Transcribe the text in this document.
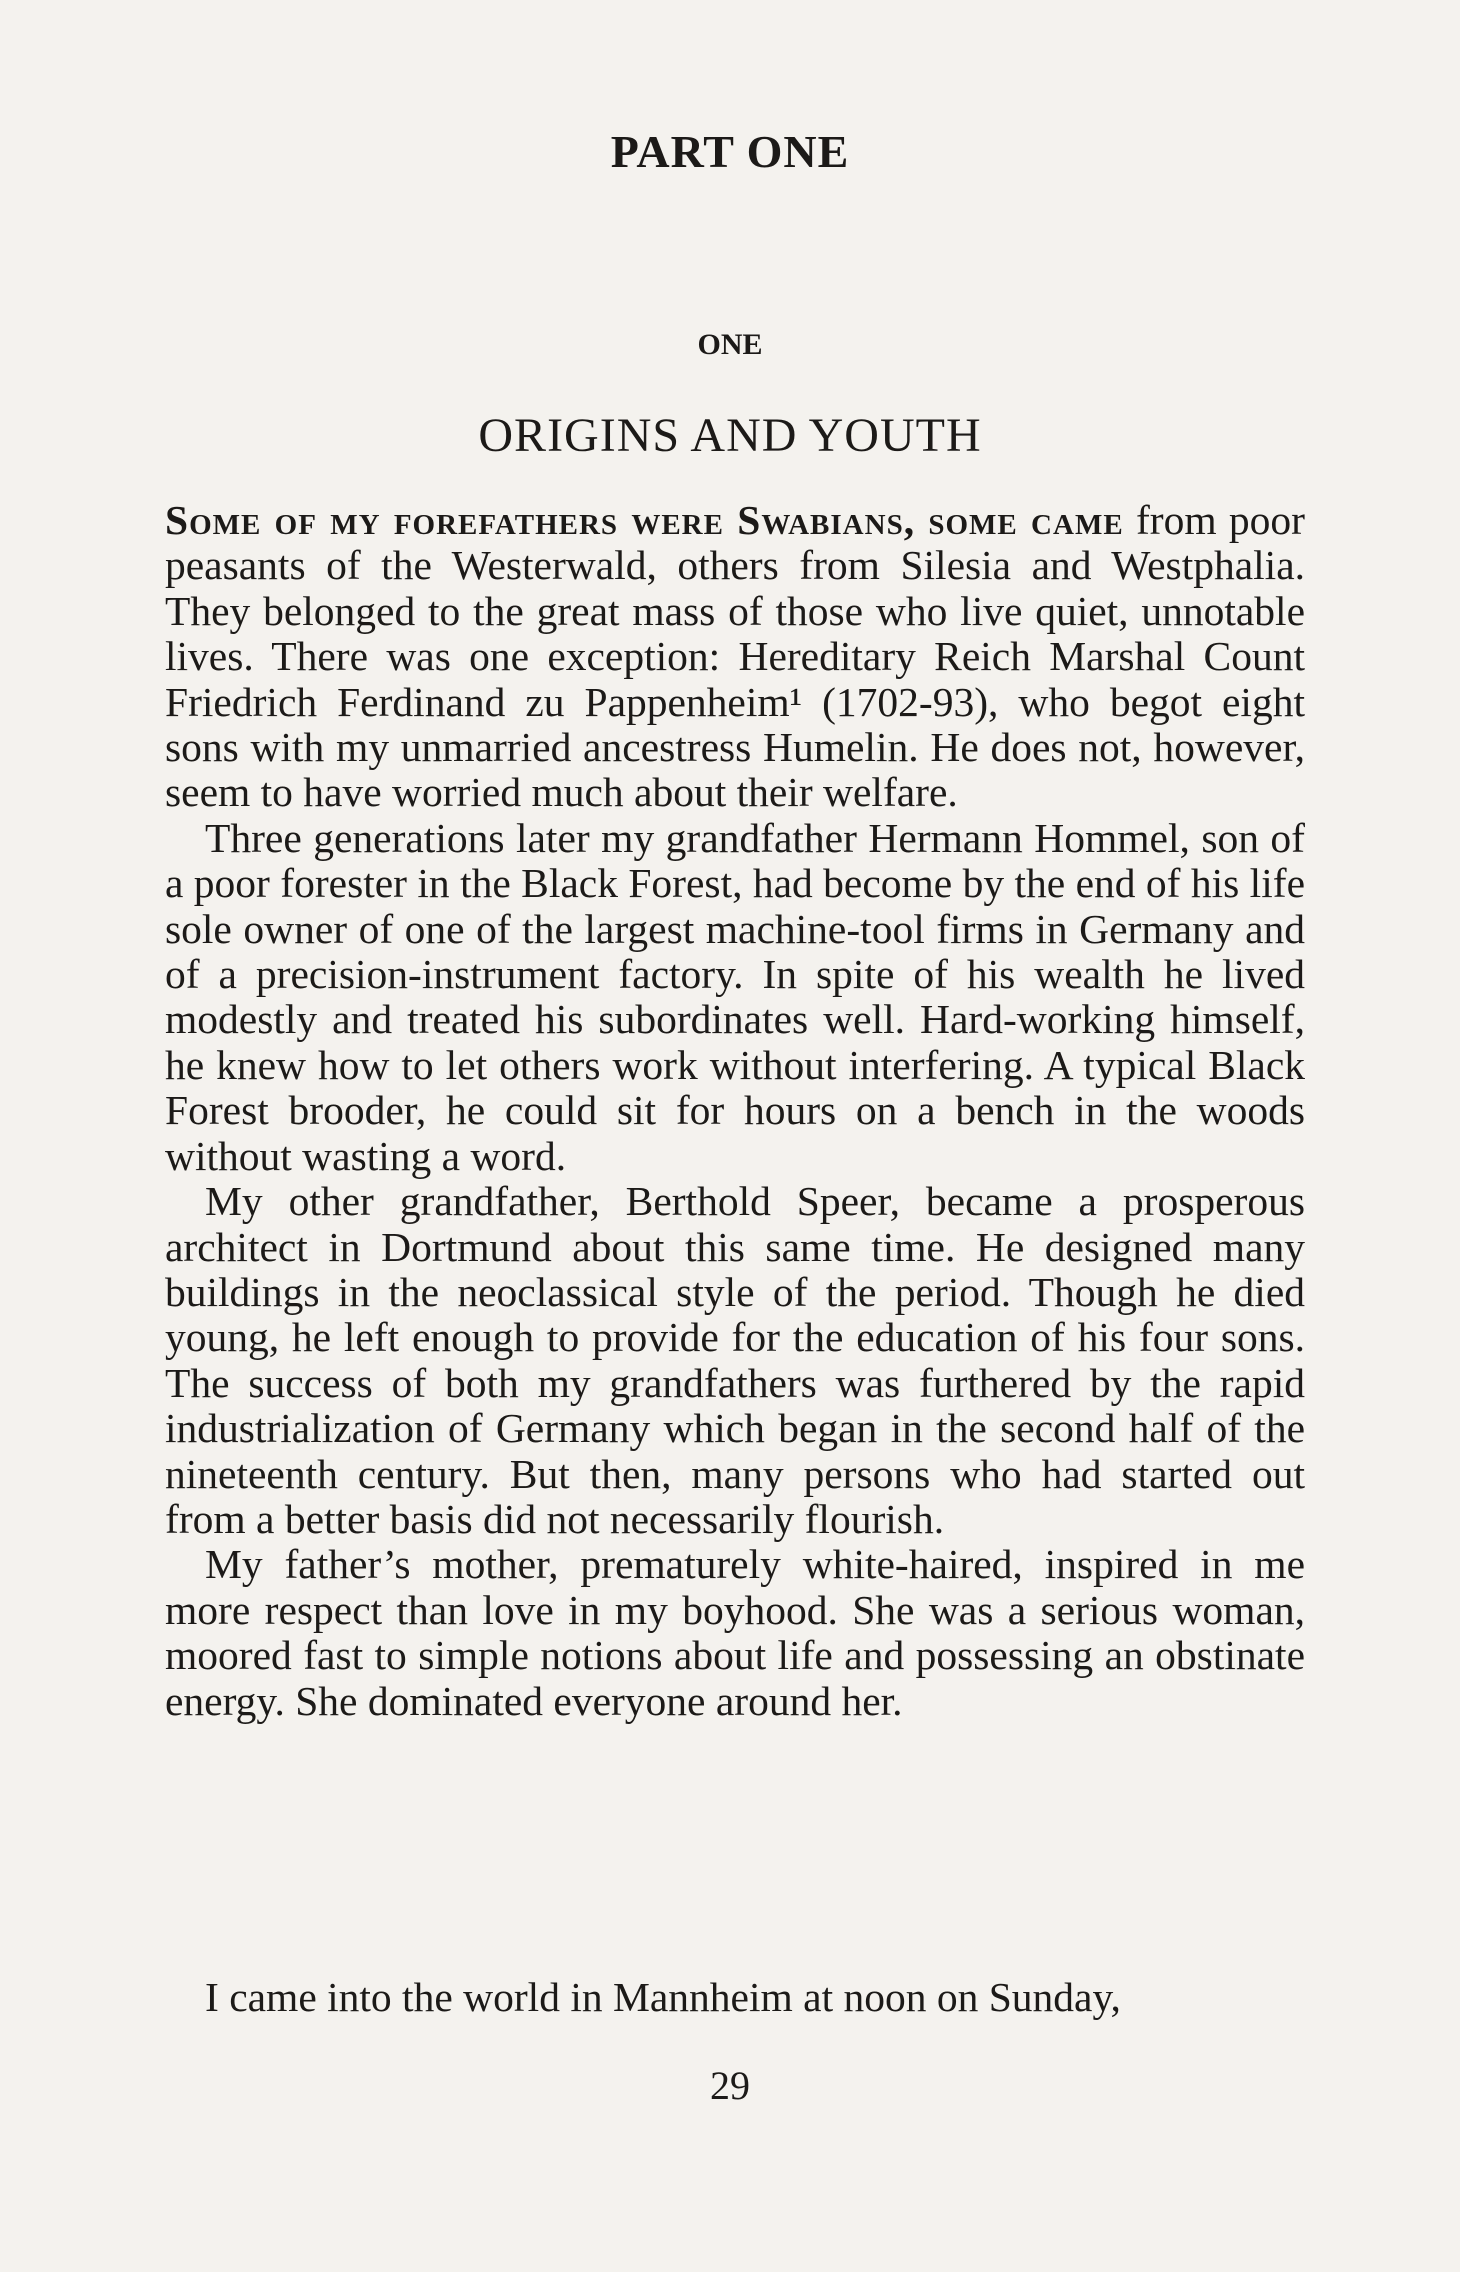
PART ONE
ONE
ORIGINS AND YOUTH

Some of my forefathers were Swabians, some came from poor peasants of the Westerwald, others from Silesia and Westphalia. They belonged to the great mass of those who live quiet, unnotable lives. There was one exception: Hereditary Reich Marshal Count Friedrich Ferdinand zu Pappenheim¹ (1702-93), who begot eight sons with my unmarried ancestress Humelin. He does not, however, seem to have worried much about their welfare.

Three generations later my grandfather Hermann Hommel, son of a poor forester in the Black Forest, had become by the end of his life sole owner of one of the largest machine-tool firms in Germany and of a precision-instrument factory. In spite of his wealth he lived modestly and treated his subordinates well. Hard-working himself, he knew how to let others work without interfering. A typical Black Forest brooder, he could sit for hours on a bench in the woods without wasting a word.

My other grandfather, Berthold Speer, became a prosperous architect in Dortmund about this same time. He designed many buildings in the neoclassical style of the period. Though he died young, he left enough to provide for the education of his four sons. The success of both my grandfathers was furthered by the rapid industrialization of Germany which began in the second half of the nineteenth century. But then, many persons who had started out from a better basis did not necessarily flourish.

My father’s mother, prematurely white-haired, inspired in me more respect than love in my boyhood. She was a serious woman, moored fast to simple notions about life and possessing an obstinate energy. She dominated everyone around her.

I came into the world in Mannheim at noon on Sunday,

29
